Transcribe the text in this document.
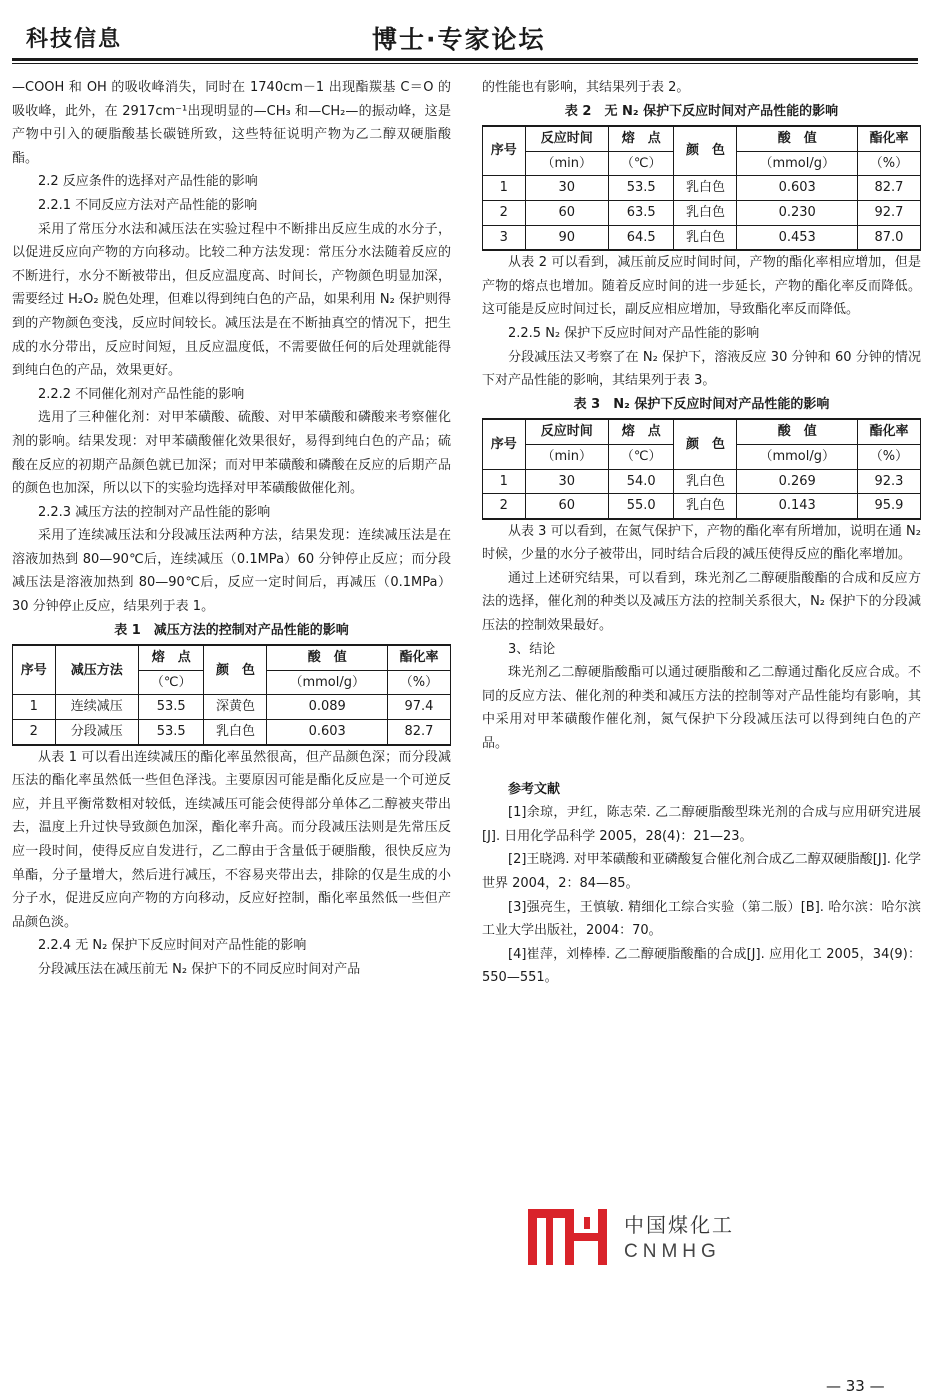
科技信息	博士·专家论坛

—COOH 和 OH 的吸收峰消失，同时在 1740cm－1 出现酯羰基 C＝O 的吸收峰，此外，在 2917cm⁻¹出现明显的—CH₃ 和—CH₂—的振动峰，这是产物中引入的硬脂酸基长碳链所致，这些特征说明产物为乙二醇双硬脂酸酯。

2.2 反应条件的选择对产品性能的影响

2.2.1 不同反应方法对产品性能的影响

采用了常压分水法和减压法在实验过程中不断排出反应生成的水分子，以促进反应向产物的方向移动。比较二种方法发现：常压分水法随着反应的不断进行，水分不断被带出，但反应温度高、时间长，产物颜色明显加深，需要经过 H₂O₂ 脱色处理，但难以得到纯白色的产品，如果利用 N₂ 保护则得到的产物颜色变浅，反应时间较长。减压法是在不断抽真空的情况下，把生成的水分带出，反应时间短，且反应温度低，不需要做任何的后处理就能得到纯白色的产品，效果更好。

2.2.2 不同催化剂对产品性能的影响

选用了三种催化剂：对甲苯磺酸、硫酸、对甲苯磺酸和磷酸来考察催化剂的影响。结果发现：对甲苯磺酸催化效果很好，易得到纯白色的产品；硫酸在反应的初期产品颜色就已加深；而对甲苯磺酸和磷酸在反应的后期产品的颜色也加深，所以以下的实验均选择对甲苯磺酸做催化剂。

2.2.3 减压方法的控制对产品性能的影响

采用了连续减压法和分段减压法两种方法，结果发现：连续减压法是在溶液加热到 80—90℃后，连续减压（0.1MPa）60 分钟停止反应；而分段减压法是溶液加热到 80—90℃后，反应一定时间后，再减压（0.1MPa）30 分钟停止反应，结果列于表 1。

表 1　减压方法的控制对产品性能的影响

序号	减压方法	熔　点	颜　色	酸　值	酯化率
		（℃）		（mmol/g）	（%）
1	连续减压	53.5	深黄色	0.089	97.4
2	分段减压	53.5	乳白色	0.603	82.7

从表 1 可以看出连续减压的酯化率虽然很高，但产品颜色深；而分段减压法的酯化率虽然低一些但色泽浅。主要原因可能是酯化反应是一个可逆反应，并且平衡常数相对较低，连续减压可能会使得部分单体乙二醇被夹带出去，温度上升过快导致颜色加深，酯化率升高。而分段减压法则是先常压反应一段时间，使得反应自发进行，乙二醇由于含量低于硬脂酸，很快反应为单酯，分子量增大，然后进行减压，不容易夹带出去，排除的仅是生成的小分子水，促进反应向产物的方向移动，反应好控制，酯化率虽然低一些但产品颜色淡。

2.2.4 无 N₂ 保护下反应时间对产品性能的影响

分段减压法在减压前无 N₂ 保护下的不同反应时间对产品

的性能也有影响，其结果列于表 2。

表 2　无 N₂ 保护下反应时间对产品性能的影响

序号	反应时间	熔　点	颜　色	酸　值	酯化率
	（min）	（℃）		（mmol/g）	（%）
1	30	53.5	乳白色	0.603	82.7
2	60	63.5	乳白色	0.230	92.7
3	90	64.5	乳白色	0.453	87.0

从表 2 可以看到，减压前反应时间时间，产物的酯化率相应增加，但是产物的熔点也增加。随着反应时间的进一步延长，产物的酯化率反而降低。这可能是反应时间过长，副反应相应增加，导致酯化率反而降低。

2.2.5 N₂ 保护下反应时间对产品性能的影响

分段减压法又考察了在 N₂ 保护下，溶液反应 30 分钟和 60 分钟的情况下对产品性能的影响，其结果列于表 3。

表 3　N₂ 保护下反应时间对产品性能的影响

序号	反应时间	熔　点	颜　色	酸　值	酯化率
	（min）	（℃）		（mmol/g）	（%）
1	30	54.0	乳白色	0.269	92.3
2	60	55.0	乳白色	0.143	95.9

从表 3 可以看到，在氮气保护下，产物的酯化率有所增加，说明在通 N₂ 时候，少量的水分子被带出，同时结合后段的减压使得反应的酯化率增加。

通过上述研究结果，可以看到，珠光剂乙二醇硬脂酸酯的合成和反应方法的选择，催化剂的种类以及减压方法的控制关系很大，N₂ 保护下的分段减压法的控制效果最好。

3、结论

珠光剂乙二醇硬脂酸酯可以通过硬脂酸和乙二醇通过酯化反应合成。不同的反应方法、催化剂的种类和减压方法的控制等对产品性能均有影响，其中采用对甲苯磺酸作催化剂，氮气保护下分段减压法可以得到纯白色的产品。

参考文献

[1]余琼，尹红，陈志荣. 乙二醇硬脂酸型珠光剂的合成与应用研究进展[J]. 日用化学品科学 2005，28(4)：21—23。

[2]王晓鸿. 对甲苯磺酸和亚磷酸复合催化剂合成乙二醇双硬脂酸[J]. 化学世界 2004，2：84—85。

[3]强亮生，王慎敏. 精细化工综合实验（第二版）[B]. 哈尔滨：哈尔滨工业大学出版社，2004：70。

[4]崔萍，刘棒棒. 乙二醇硬脂酸酯的合成[J]. 应用化工 2005，34(9)：550—551。

中国煤化工
CNMHG
— 33 —
